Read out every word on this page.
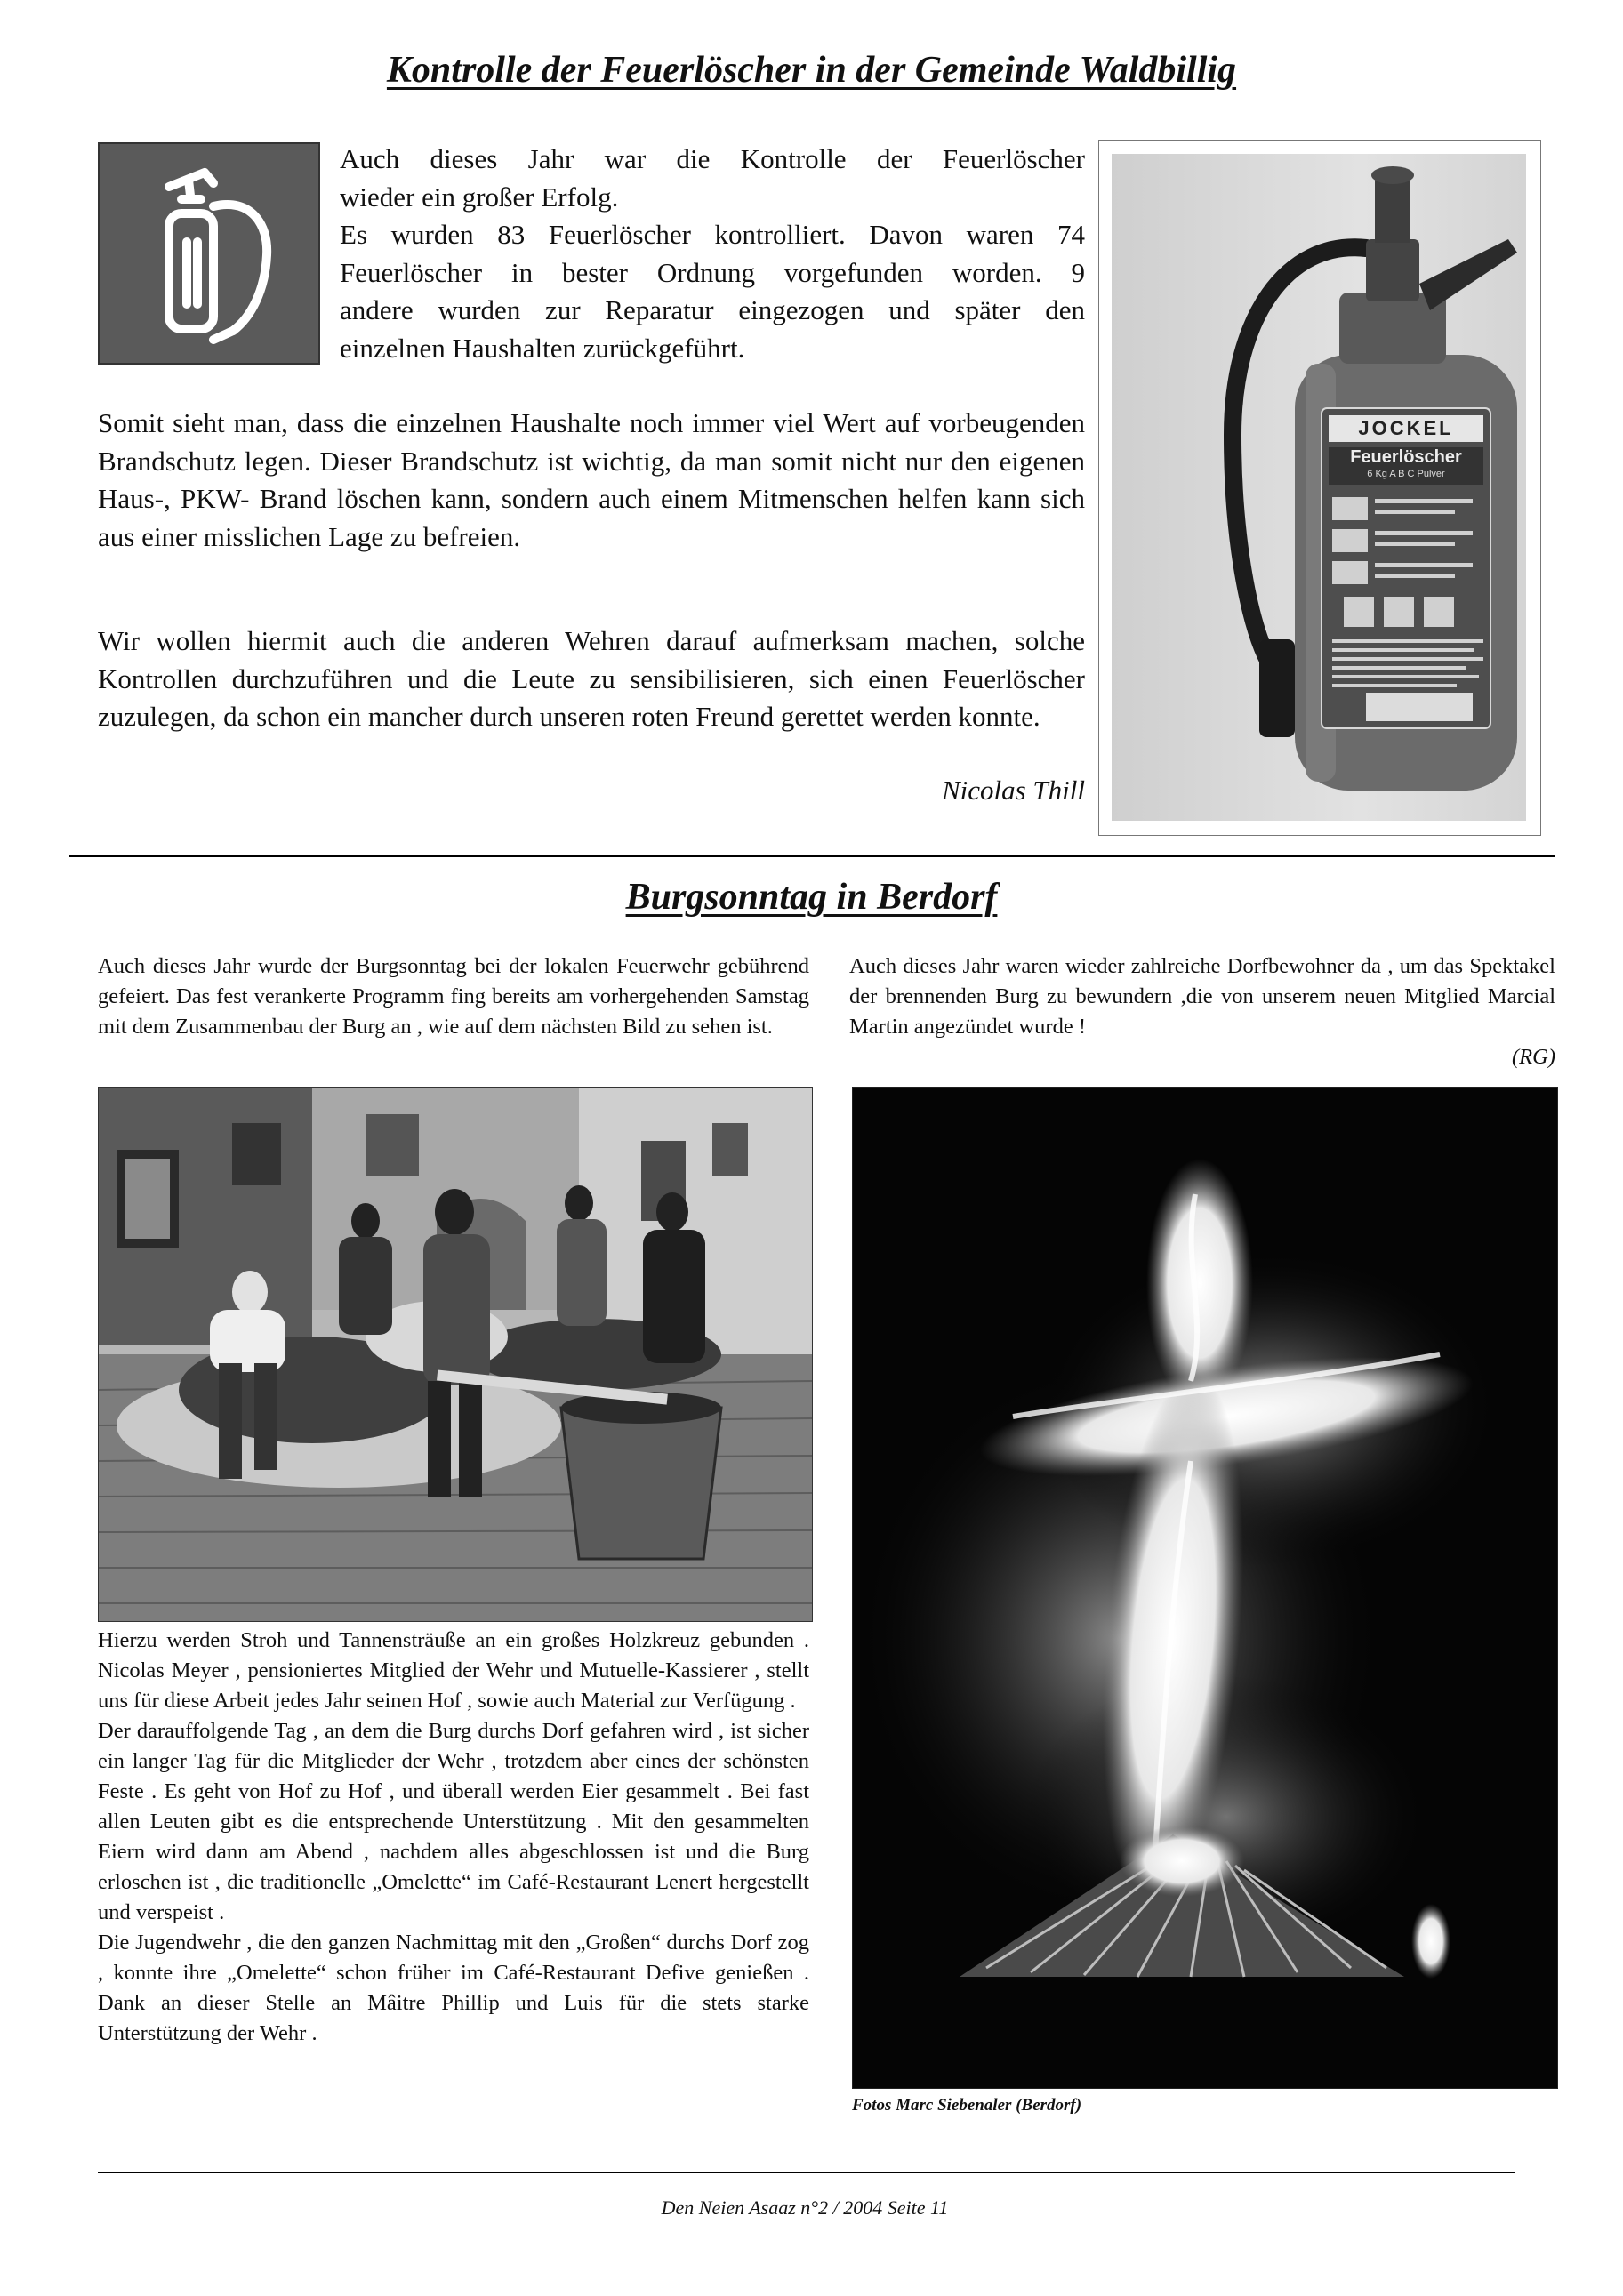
Kontrolle der Feuerlöscher in der Gemeinde Waldbillig
Auch dieses Jahr war die Kontrolle der Feuerlöscher
wieder ein großer Erfolg.
Es wurden 83 Feuerlöscher kontrolliert. Davon waren 74
Feuerlöscher in bester Ordnung vorgefunden worden. 9
andere wurden zur Reparatur eingezogen und später den
einzelnen Haushalten zurückgeführt.

Somit sieht man, dass die einzelnen Haushalte noch immer viel Wert auf vorbeugenden Brandschutz legen. Dieser Brandschutz ist wichtig, da man somit nicht nur den eigenen Haus-, PKW- Brand löschen kann, sondern auch einem Mitmenschen helfen kann sich aus einer misslichen Lage zu befreien.

Wir wollen hiermit auch die anderen Wehren darauf aufmerksam machen, solche Kontrollen durchzuführen und die Leute zu sensibilisieren, sich einen Feuerlöscher zuzulegen, da schon ein mancher durch unseren roten Freund gerettet werden konnte.

Nicolas Thill
JOCKEL
Feuerlöscher
6 Kg A B C Pulver
Burgsonntag in Berdorf

Auch dieses Jahr wurde der Burgsonntag bei der lokalen Feuerwehr gebührend gefeiert. Das fest verankerte Programm fing bereits am vorhergehenden Samstag mit dem Zusammenbau der Burg an , wie auf dem nächsten Bild zu sehen ist.

Auch dieses Jahr waren wieder zahlreiche Dorfbewohner da , um das Spektakel der brennenden Burg zu bewundern ,die von unserem neuen Mitglied Marcial Martin angezündet wurde !

(RG)

Hierzu werden Stroh und Tannensträuße an ein großes Holzkreuz gebunden . Nicolas Meyer , pensioniertes Mitglied der Wehr und Mutuelle-Kassierer , stellt uns für diese Arbeit jedes Jahr seinen Hof , sowie auch Material zur Verfügung .

Der darauffolgende Tag , an dem die Burg durchs Dorf gefahren wird , ist sicher ein langer Tag für die Mitglieder der Wehr , trotzdem aber eines der schönsten Feste . Es geht von Hof zu Hof , und überall werden Eier gesammelt . Bei fast allen Leuten gibt es die entsprechende Unterstützung . Mit den gesammelten Eiern wird dann am Abend , nachdem alles abgeschlossen ist und die Burg erloschen ist , die traditionelle „Omelette“ im Café-Restaurant Lenert hergestellt und verspeist .

Die Jugendwehr , die den ganzen Nachmittag mit den „Großen“ durchs Dorf zog , konnte ihre „Omelette“ schon früher im Café-Restaurant Defive genießen . Dank an dieser Stelle an Mâitre Phillip und Luis für die stets starke Unterstützung der Wehr .

Fotos Marc Siebenaler (Berdorf)
Den Neien Asaaz n°2 / 2004 Seite 11
